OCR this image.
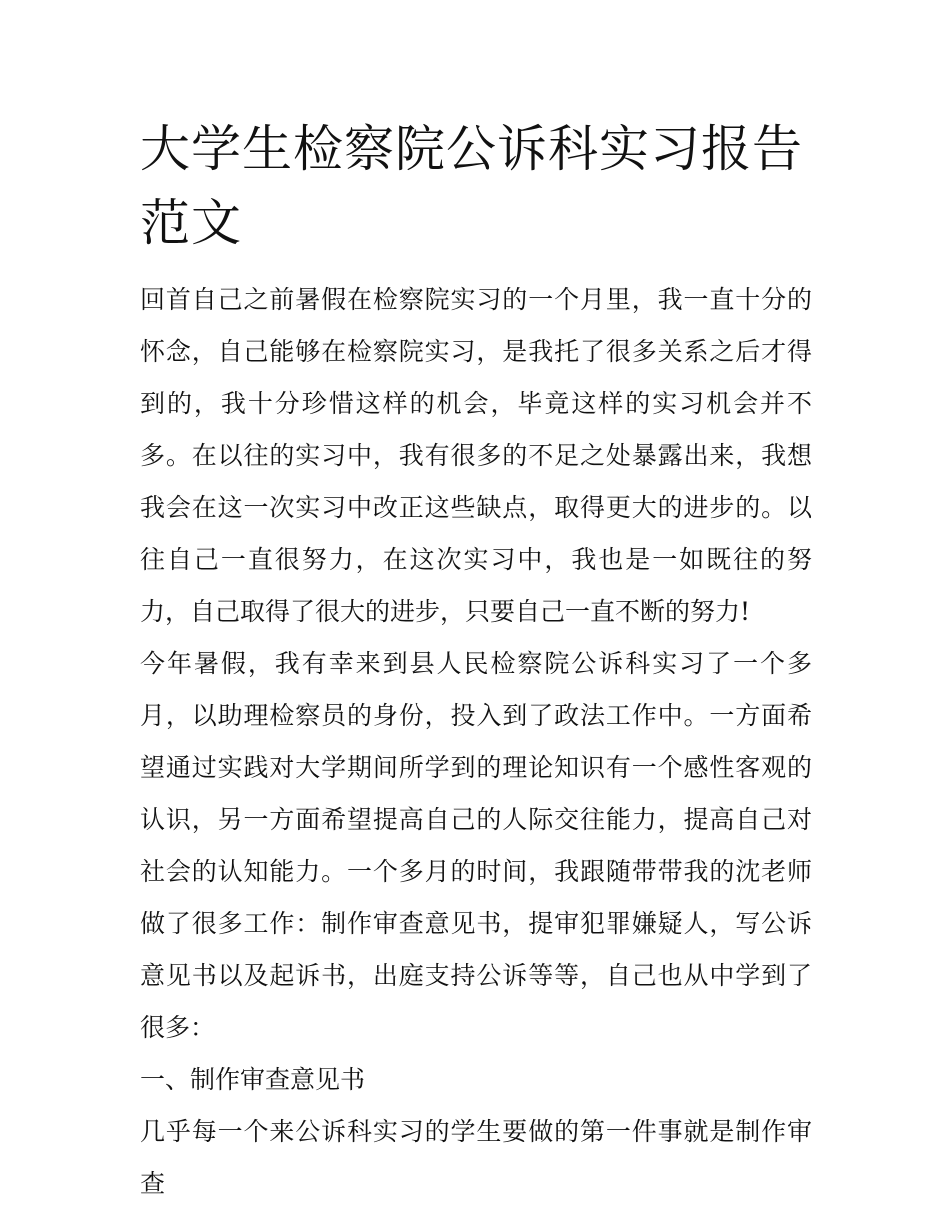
大学生检察院公诉科实习报告范文

回首自己之前暑假在检察院实习的一个月里，我一直十分的怀念，自己能够在检察院实习，是我托了很多关系之后才得到的，我十分珍惜这样的机会，毕竟这样的实习机会并不多。在以往的实习中，我有很多的不足之处暴露出来，我想我会在这一次实习中改正这些缺点，取得更大的进步的。以往自己一直很努力，在这次实习中，我也是一如既往的努力，自己取得了很大的进步，只要自己一直不断的努力!

今年暑假，我有幸来到县人民检察院公诉科实习了一个多月，以助理检察员的身份，投入到了政法工作中。一方面希望通过实践对大学期间所学到的理论知识有一个感性客观的认识，另一方面希望提高自己的人际交往能力，提高自己对社会的认知能力。一个多月的时间，我跟随带带我的沈老师做了很多工作：制作审查意见书，提审犯罪嫌疑人，写公诉意见书以及起诉书，出庭支持公诉等等，自己也从中学到了很多：

一、制作审查意见书

几乎每一个来公诉科实习的学生要做的第一件事就是制作审查
